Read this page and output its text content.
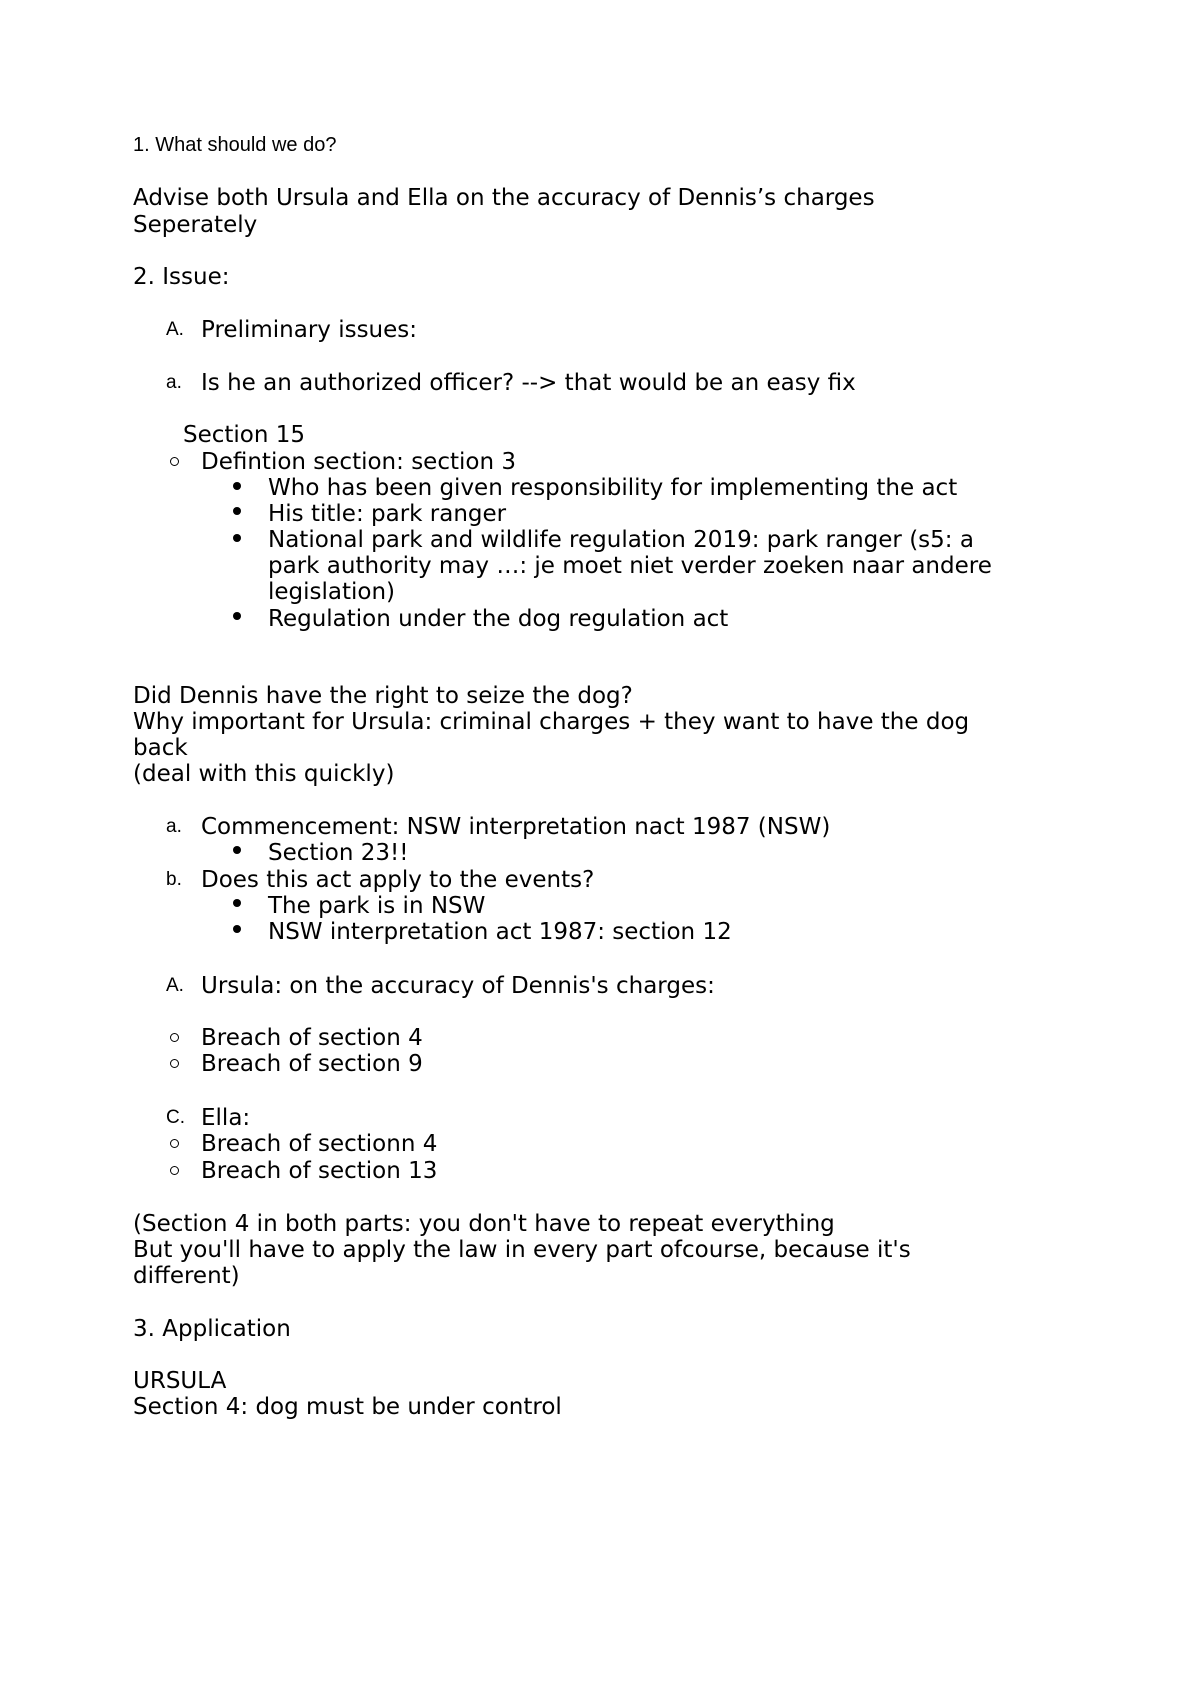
1. What should we do?
Advise both Ursula and Ella on the accuracy of Dennis’s charges
Seperately
2. Issue:
A. Preliminary issues:
a. Is he an authorized officer? --> that would be an easy fix
Section 15
Defintion section: section 3
Who has been given responsibility for implementing the act
His title: park ranger
National park and wildlife regulation 2019: park ranger (s5: a
park authority may …: je moet niet verder zoeken naar andere
legislation)
Regulation under the dog regulation act
Did Dennis have the right to seize the dog?
Why important for Ursula: criminal charges + they want to have the dog
back
(deal with this quickly)
a. Commencement: NSW interpretation nact 1987 (NSW)
Section 23!!
b. Does this act apply to the events?
The park is in NSW
NSW interpretation act 1987: section 12
A. Ursula: on the accuracy of Dennis's charges:
Breach of section 4
Breach of section 9
C. Ella:
Breach of sectionn 4
Breach of section 13
(Section 4 in both parts: you don't have to repeat everything
But you'll have to apply the law in every part ofcourse, because it's
different)
3. Application
URSULA
Section 4: dog must be under control
